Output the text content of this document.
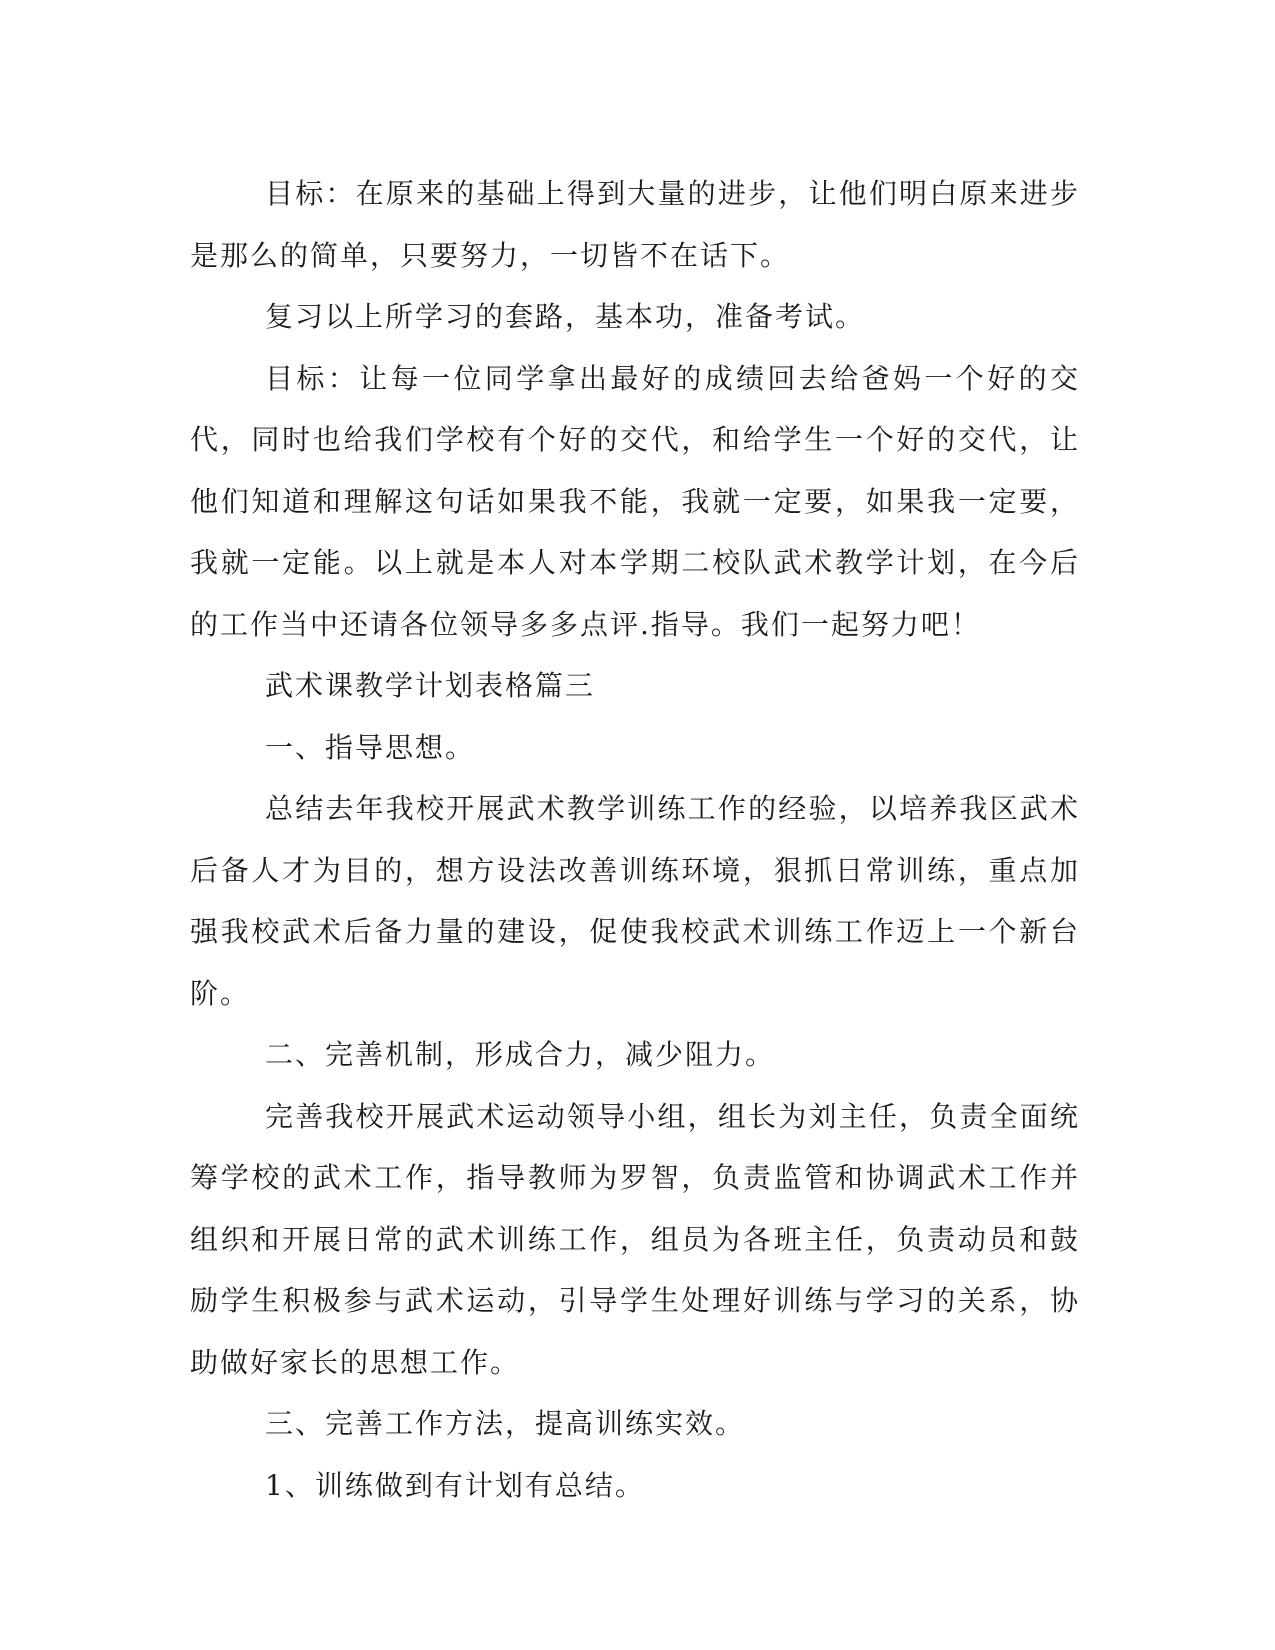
目标：在原来的基础上得到大量的进步，让他们明白原来进步是那么的简单，只要努力，一切皆不在话下。

复习以上所学习的套路，基本功，准备考试。

目标：让每一位同学拿出最好的成绩回去给爸妈一个好的交代，同时也给我们学校有个好的交代，和给学生一个好的交代，让他们知道和理解这句话如果我不能，我就一定要，如果我一定要，我就一定能。以上就是本人对本学期二校队武术教学计划，在今后的工作当中还请各位领导多多点评.指导。我们一起努力吧！

武术课教学计划表格篇三

一、指导思想。

总结去年我校开展武术教学训练工作的经验，以培养我区武术后备人才为目的，想方设法改善训练环境，狠抓日常训练，重点加强我校武术后备力量的建设，促使我校武术训练工作迈上一个新台阶。

二、完善机制，形成合力，减少阻力。

完善我校开展武术运动领导小组，组长为刘主任，负责全面统筹学校的武术工作，指导教师为罗智，负责监管和协调武术工作并组织和开展日常的武术训练工作，组员为各班主任，负责动员和鼓励学生积极参与武术运动，引导学生处理好训练与学习的关系，协助做好家长的思想工作。

三、完善工作方法，提高训练实效。

1、训练做到有计划有总结。
